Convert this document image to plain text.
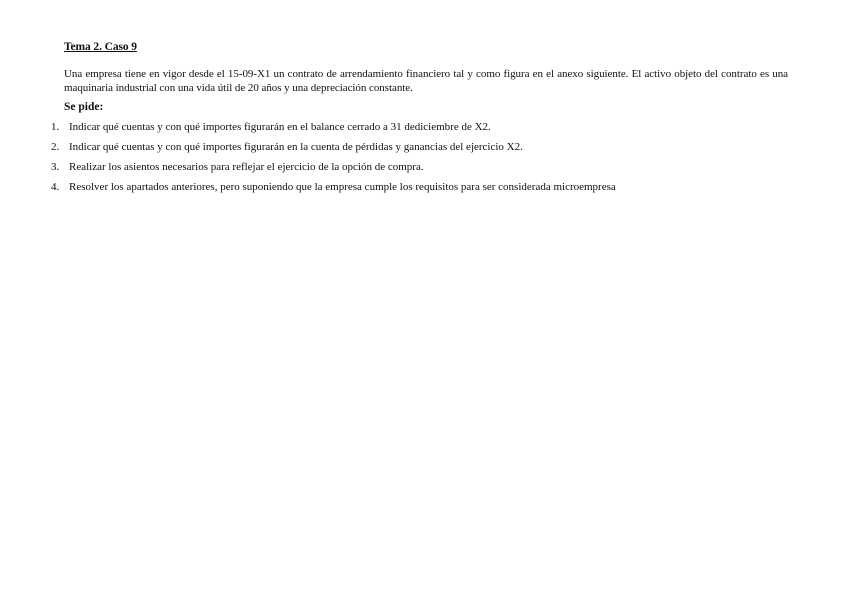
Tema 2. Caso 9
Una empresa tiene en vigor desde el 15-09-X1 un contrato de arrendamiento financiero tal y como figura en el anexo siguiente. El activo objeto del contrato es una maquinaria industrial con una vida útil de 20 años y una depreciación constante.
Se pide:
1. Indicar qué cuentas y con qué importes figurarán en el balance cerrado a 31 dediciembre de X2.
2. Indicar qué cuentas y con qué importes figurarán en la cuenta de pérdidas y ganancias del ejercicio X2.
3. Realizar los asientos necesarios para reflejar el ejercicio de la opción de compra.
4. Resolver los apartados anteriores, pero suponiendo que la empresa cumple los requisitos para ser considerada microempresa
